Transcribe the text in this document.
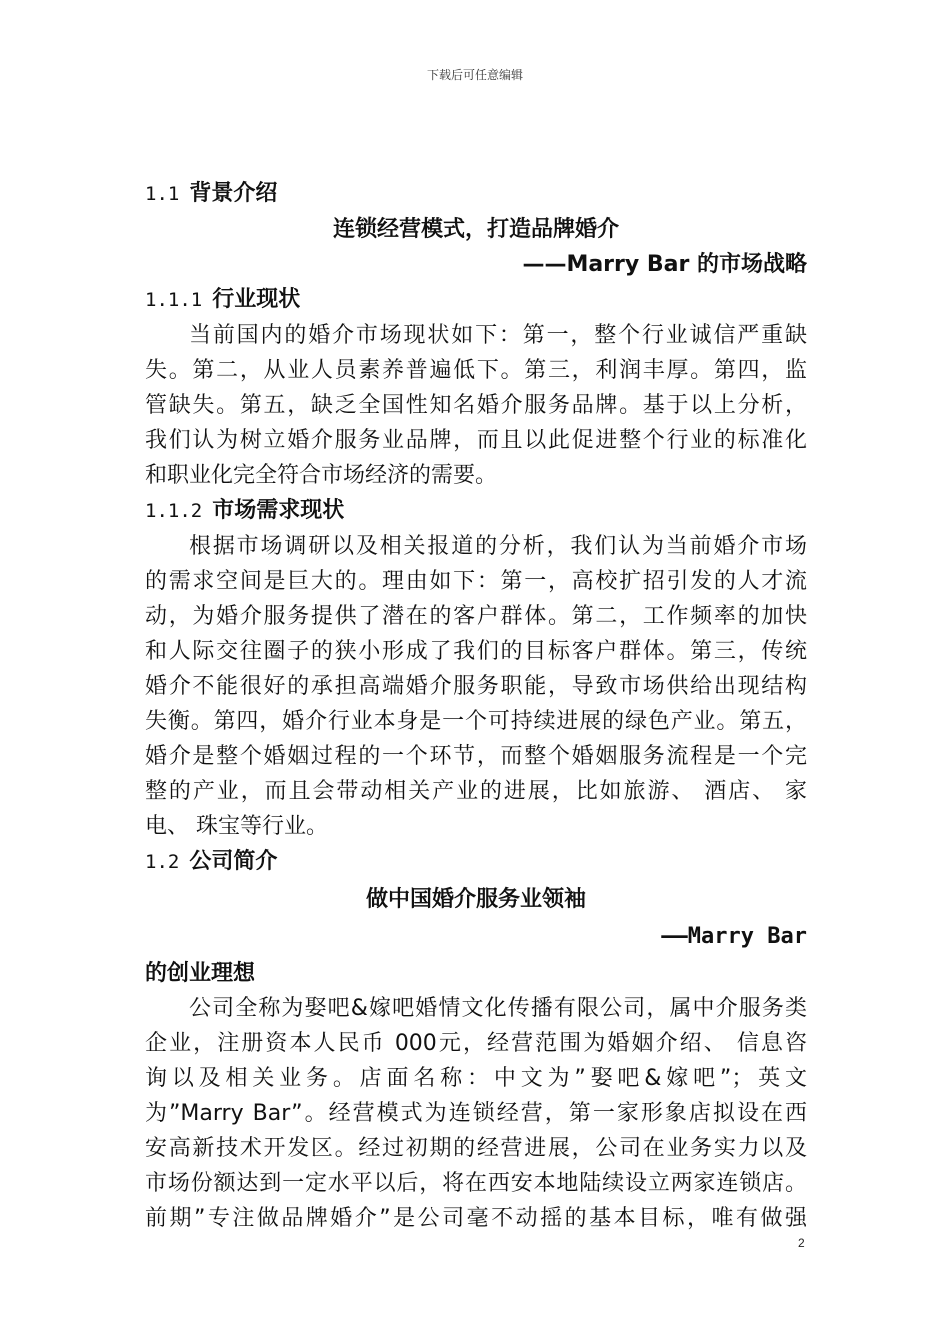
下载后可任意编辑
1.1 背景介绍
连锁经营模式，打造品牌婚介
——Marry Bar 的市场战略
1.1.1 行业现状
当前国内的婚介市场现状如下：第一，整个行业诚信严重缺
失。第二，从业人员素养普遍低下。第三，利润丰厚。第四，监
管缺失。第五，缺乏全国性知名婚介服务品牌。基于以上分析，
我们认为树立婚介服务业品牌，而且以此促进整个行业的标准化
和职业化完全符合市场经济的需要。
1.1.2 市场需求现状
根据市场调研以及相关报道的分析，我们认为当前婚介市场
的需求空间是巨大的。理由如下：第一，高校扩招引发的人才流
动，为婚介服务提供了潜在的客户群体。第二，工作频率的加快
和人际交往圈子的狭小形成了我们的目标客户群体。第三，传统
婚介不能很好的承担高端婚介服务职能，导致市场供给出现结构
失衡。第四，婚介行业本身是一个可持续进展的绿色产业。第五，
婚介是整个婚姻过程的一个环节，而整个婚姻服务流程是一个完
整的产业，而且会带动相关产业的进展，比如旅游、 酒店、 家
电、 珠宝等行业。
1.2 公司简介
做中国婚介服务业领袖
——Marry Bar
的创业理想
公司全称为娶吧&嫁吧婚情文化传播有限公司，属中介服务类
企业，注册资本人民币 000元，经营范围为婚姻介绍、 信息咨
询以及相关业务。店面名称：中文为”娶吧&嫁吧”；英文
为”Marry Bar”。经营模式为连锁经营，第一家形象店拟设在西
安高新技术开发区。经过初期的经营进展，公司在业务实力以及
市场份额达到一定水平以后，将在西安本地陆续设立两家连锁店。
前期”专注做品牌婚介”是公司毫不动摇的基本目标，唯有做强
2
